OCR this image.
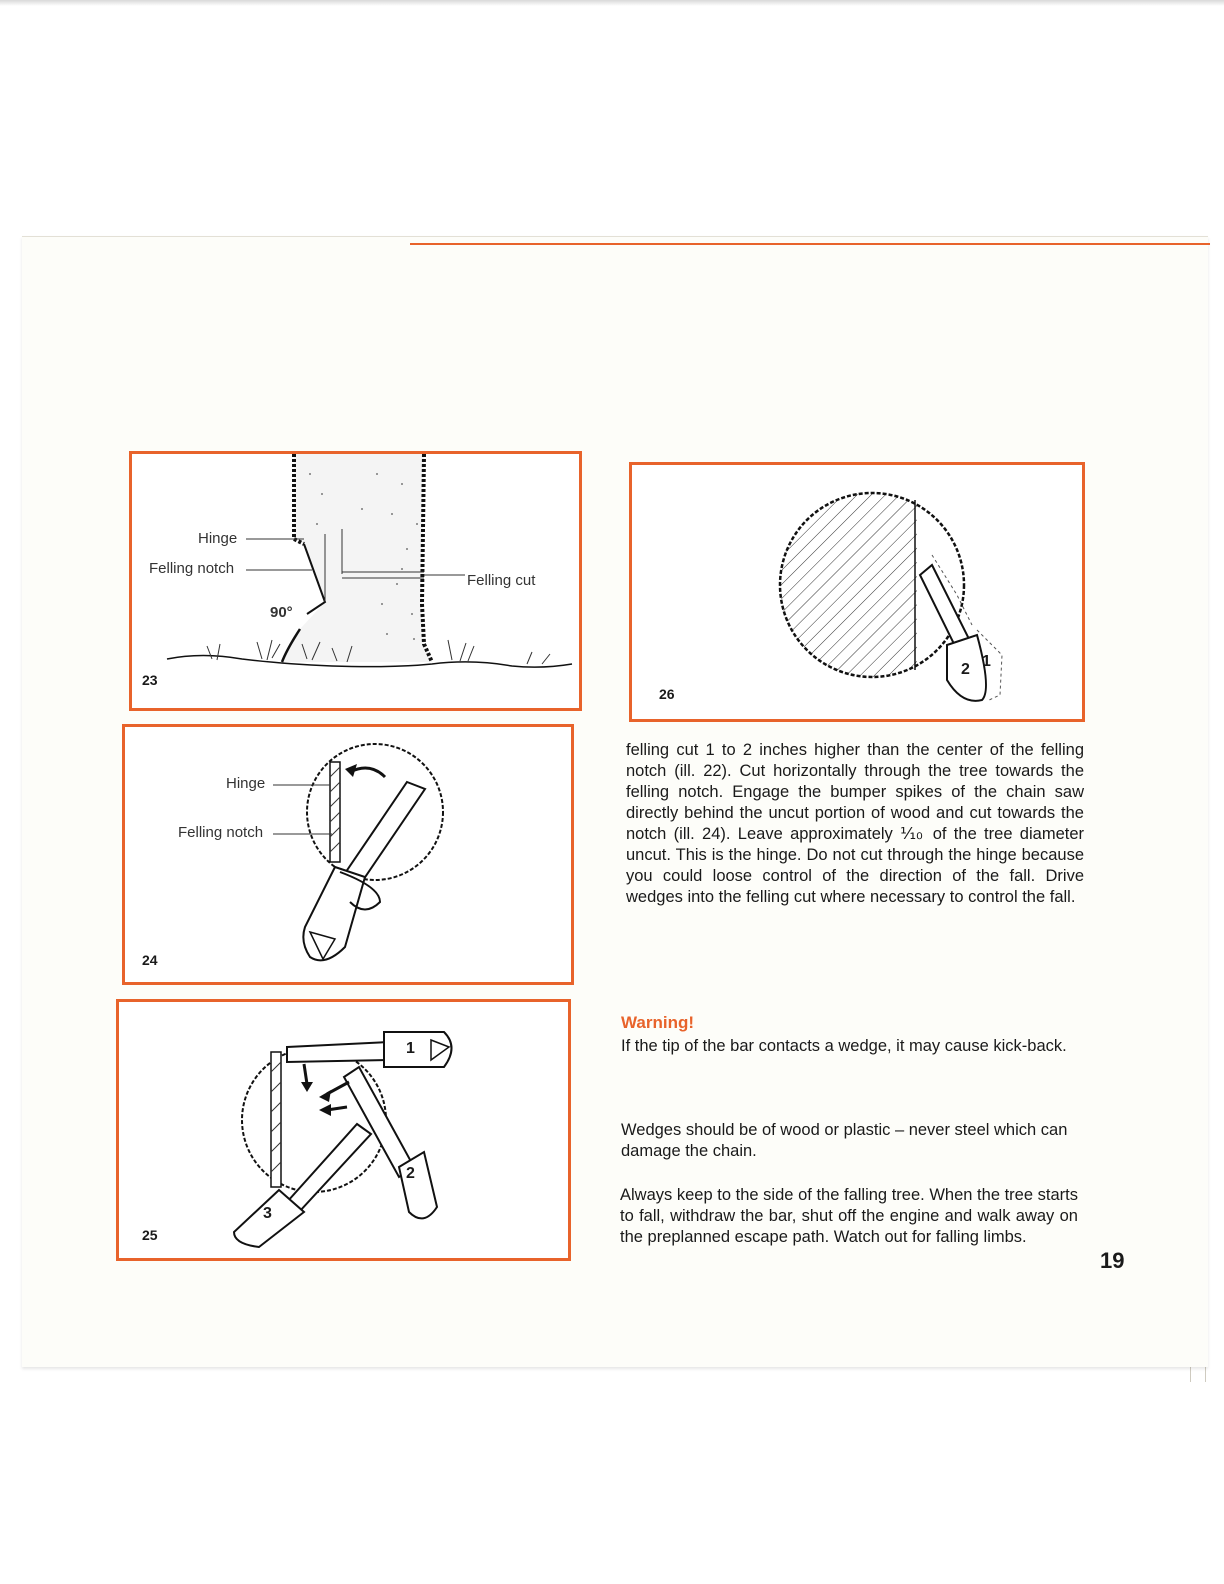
Hinge
Felling notch
Felling cut
90°
23
Hinge
Felling notch
24
1
2
3
25
2 1
26

felling cut 1 to 2 inches higher than the center of the felling notch (ill. 22). Cut horizontally through the tree towards the felling notch. Engage the bumper spikes of the chain saw directly behind the uncut portion of wood and cut towards the notch (ill. 24). Leave approximately ⅒ of the tree diameter uncut. This is the hinge. Do not cut through the hinge because you could loose control of the direction of the fall. Drive wedges into the felling cut where necessary to control the fall.

Warning!

If the tip of the bar contacts a wedge, it may cause kick-back.

Wedges should be of wood or plastic – never steel which can damage the chain.

Always keep to the side of the falling tree. When the tree starts to fall, withdraw the bar, shut off the engine and walk away on the preplanned escape path. Watch out for falling limbs.

19
